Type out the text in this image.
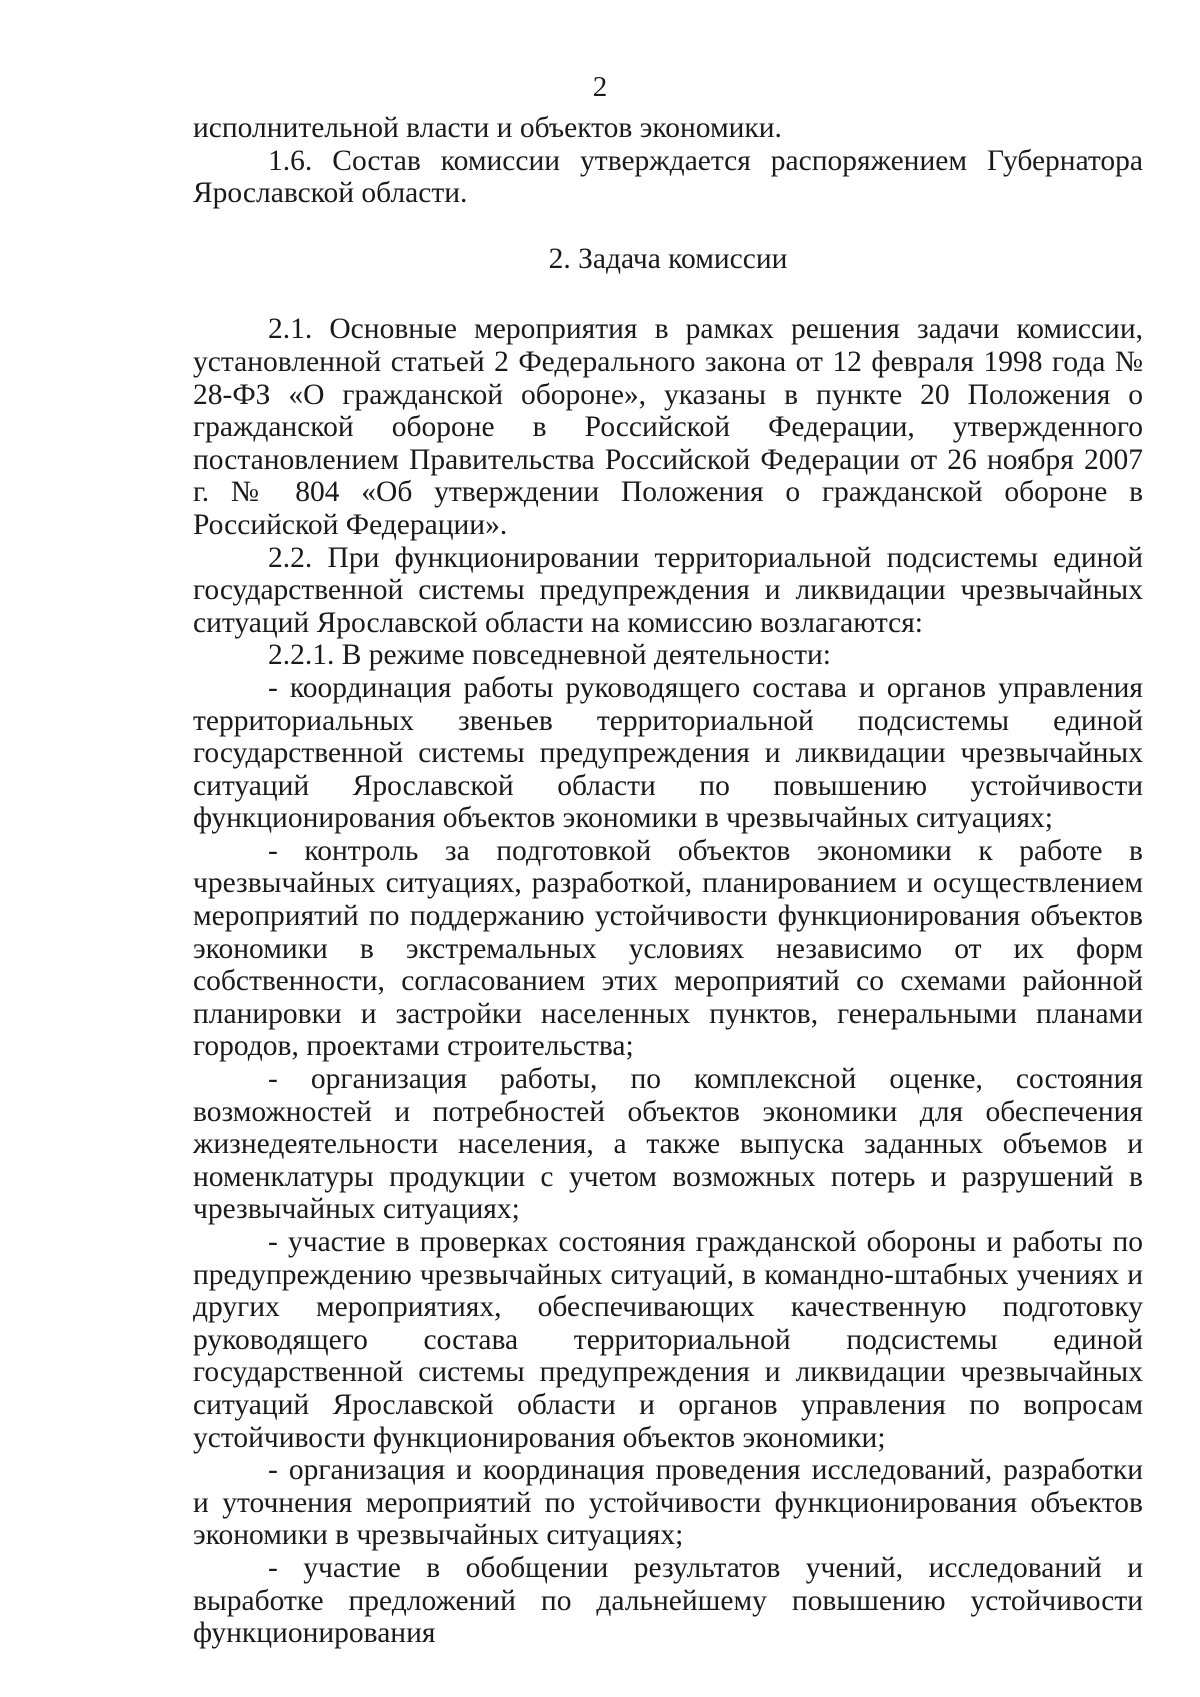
2

исполнительной власти и объектов экономики.

1.6. Состав комиссии утверждается распоряжением Губернатора Ярославской области.

2. Задача комиссии

2.1. Основные мероприятия в рамках решения задачи комиссии, установленной статьей 2 Федерального закона от 12 февраля 1998 года № 28-ФЗ «О гражданской обороне», указаны в пункте 20 Положения о гражданской обороне в Российской Федерации, утвержденного постановлением Правительства Российской Федерации от 26 ноября 2007 г. № 804 «Об утверждении Положения о гражданской обороне в Российской Федерации».

2.2. При функционировании территориальной подсистемы единой государственной системы предупреждения и ликвидации чрезвычайных ситуаций Ярославской области на комиссию возлагаются:

2.2.1. В режиме повседневной деятельности:

- координация работы руководящего состава и органов управления территориальных звеньев территориальной подсистемы единой государственной системы предупреждения и ликвидации чрезвычайных ситуаций Ярославской области по повышению устойчивости функционирования объектов экономики в чрезвычайных ситуациях;

- контроль за подготовкой объектов экономики к работе в чрезвычайных ситуациях, разработкой, планированием и осуществлением мероприятий по поддержанию устойчивости функционирования объектов экономики в экстремальных условиях независимо от их форм собственности, согласованием этих мероприятий со схемами районной планировки и застройки населенных пунктов, генеральными планами городов, проектами строительства;

- организация работы, по комплексной оценке, состояния возможностей и потребностей объектов экономики для обеспечения жизнедеятельности населения, а также выпуска заданных объемов и номенклатуры продукции с учетом возможных потерь и разрушений в чрезвычайных ситуациях;

- участие в проверках состояния гражданской обороны и работы по предупреждению чрезвычайных ситуаций, в командно-штабных учениях и других мероприятиях, обеспечивающих качественную подготовку руководящего состава территориальной подсистемы единой государственной системы предупреждения и ликвидации чрезвычайных ситуаций Ярославской области и органов управления по вопросам устойчивости функционирования объектов экономики;

- организация и координация проведения исследований, разработки и уточнения мероприятий по устойчивости функционирования объектов экономики в чрезвычайных ситуациях;

- участие в обобщении результатов учений, исследований и выработке предложений по дальнейшему повышению устойчивости функционирования
